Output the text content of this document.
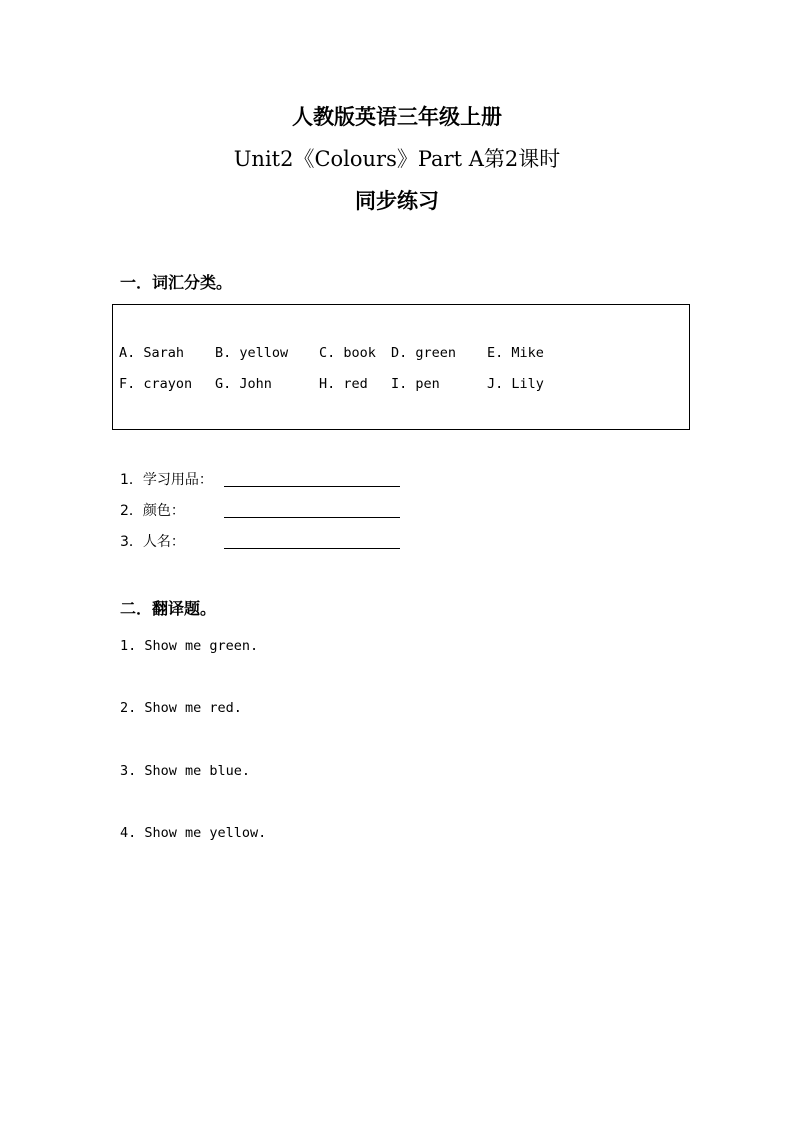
人教版英语三年级上册
Unit2《Colours》Part A第2课时
同步练习
一．词汇分类。
A. Sarah B. yellow C. book D. green E. Mike
F. crayon G. John	H. red I. pen	J. Lily
1．学习用品：
2．颜色：
3．人名：
二．翻译题。
1. Show me green.
2. Show me red.
3. Show me blue.
4. Show me yellow.
